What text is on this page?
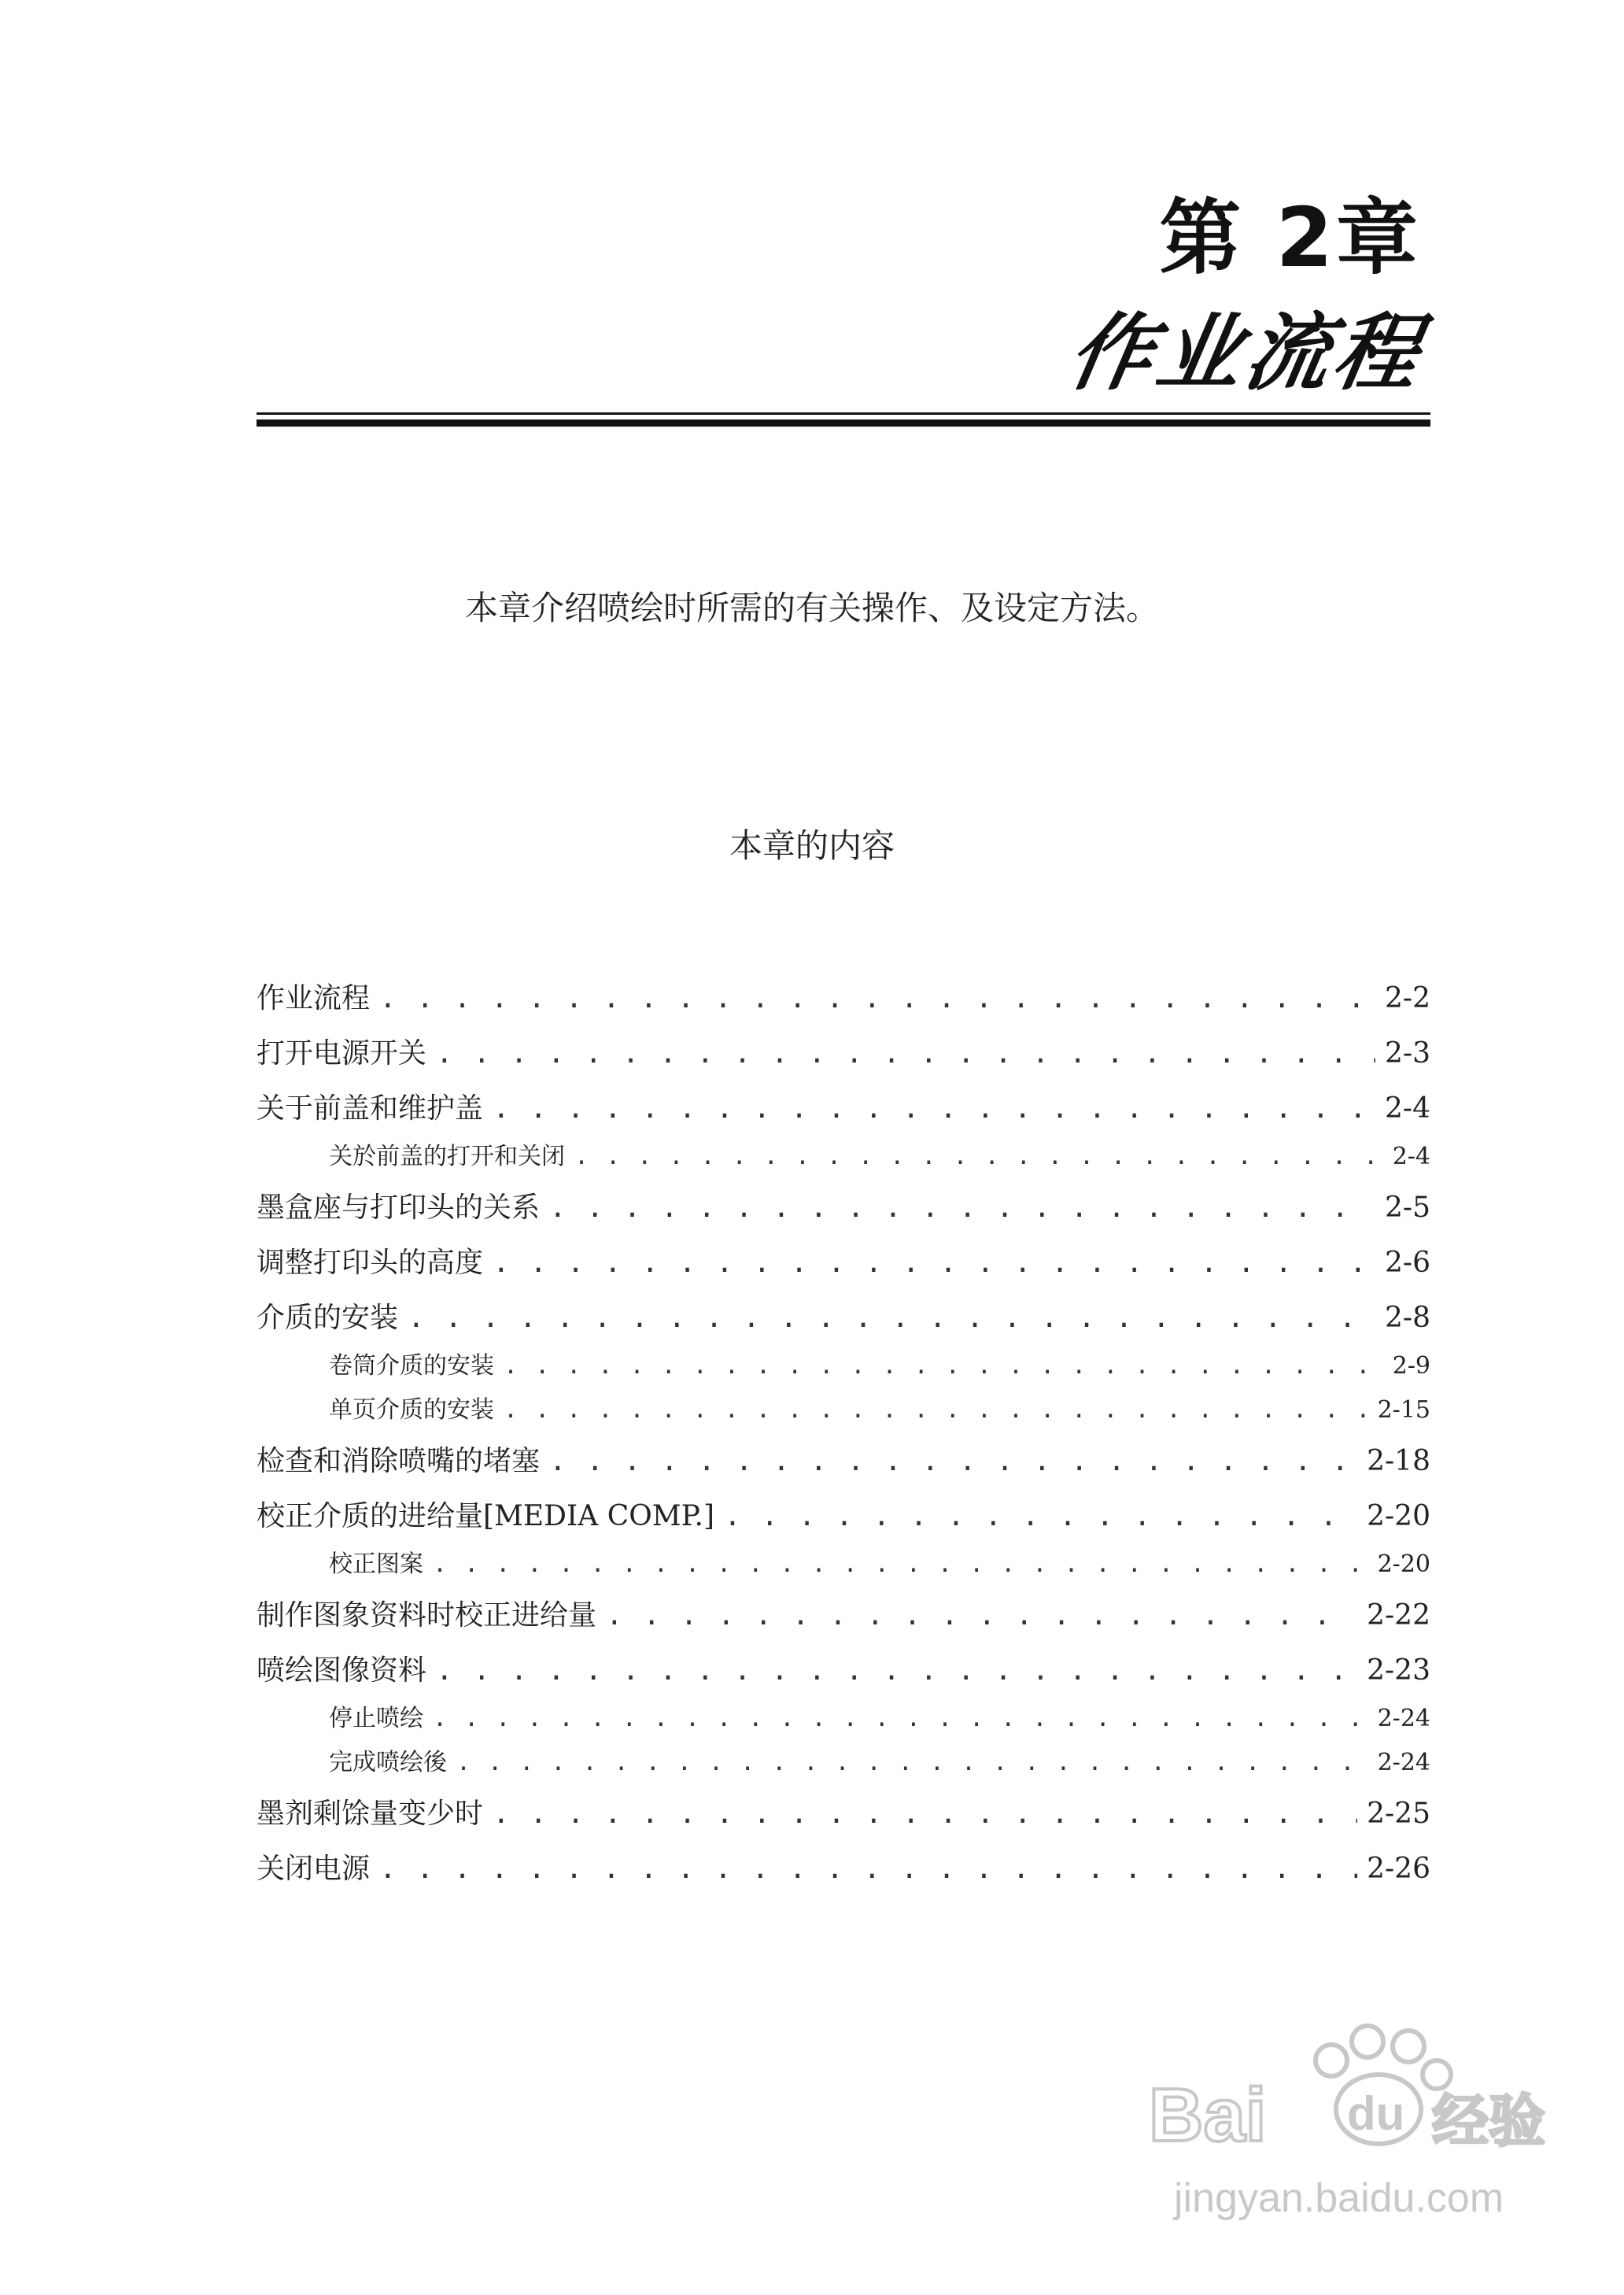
第 2章
作业流程
本章介绍喷绘时所需的有关操作、及设定方法。
本章的内容
作业流程 . . .	2-2
打开电源开关 . . .	2-3
关于前盖和维护盖 . . .	2-4
关於前盖的打开和关闭 . . .	2-4
墨盒座与打印头的关系 . . .	2-5
调整打印头的高度 . . .	2-6
介质的安装 . . .	2-8
卷筒介质的安装 . . .	2-9
单页介质的安装 . . .	2-15
检查和消除喷嘴的堵塞 . . .	2-18
校正介质的进给量[MEDIA COMP.] . . .	2-20
校正图案 . . .	2-20
制作图象资料时校正进给量 . . .	2-22
喷绘图像资料 . . .	2-23
停止喷绘 . . .	2-24
完成喷绘後 . . .	2-24
墨剂剩馀量变少时 . . .	2-25
关闭电源 . . .	2-26
Bai du 经验
jingyan.baidu.com
